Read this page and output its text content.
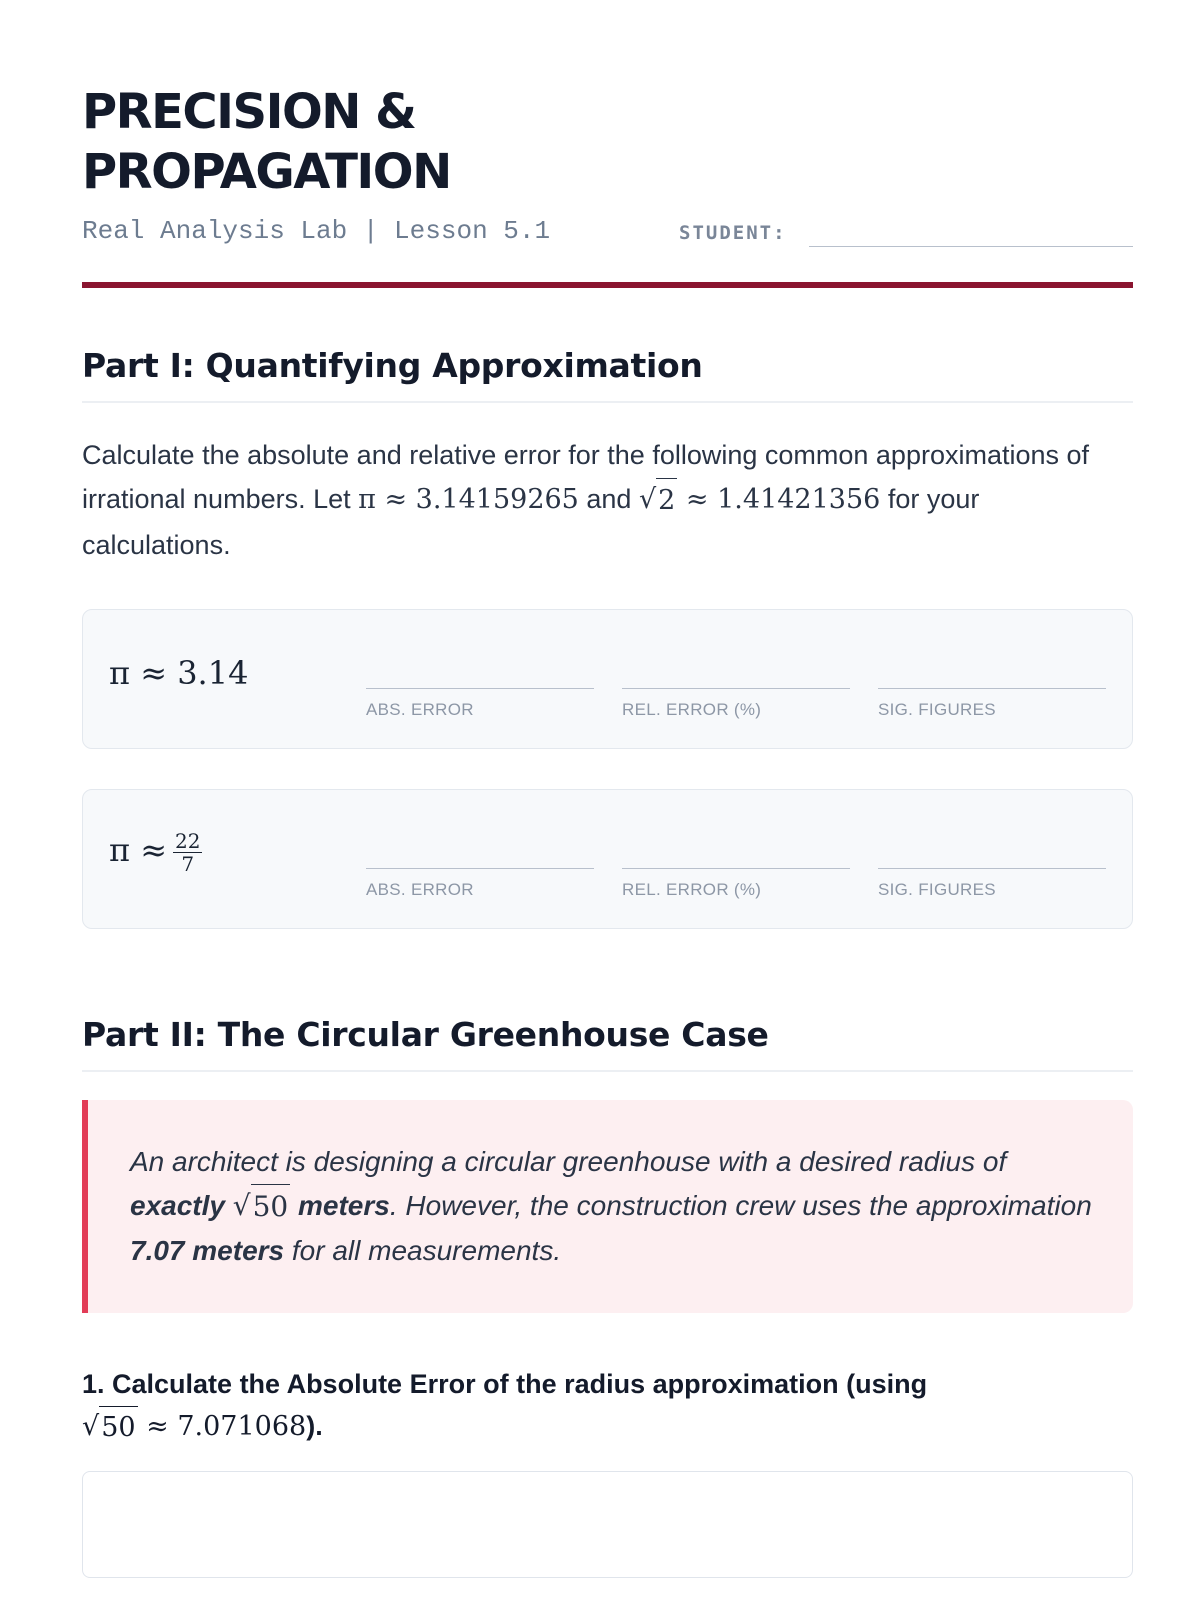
PRECISION &
PROPAGATION
Real Analysis Lab | Lesson 5.1	STUDENT:
Part I: Quantifying Approximation

Calculate the absolute and relative error for the following common approximations of irrational numbers. Let π ≈ 3.14159265 and √ 2 ≈ 1.41421356 for your calculations.

π ≈ 3.14
ABS. ERROR	REL. ERROR (%)	SIG. FIGURES
$\pi \approx \frac{22}{7}$
ABS. ERROR	REL. ERROR (%)	SIG. FIGURES
Part II: The Circular Greenhouse Case
An architect is designing a circular greenhouse with a desired radius of exactly √ 50 meters. However, the construction crew uses the approximation 7.07 meters for all measurements.
1. Calculate the Absolute Error of the radius approximation (using

√ 50 ≈ 7.071068).
